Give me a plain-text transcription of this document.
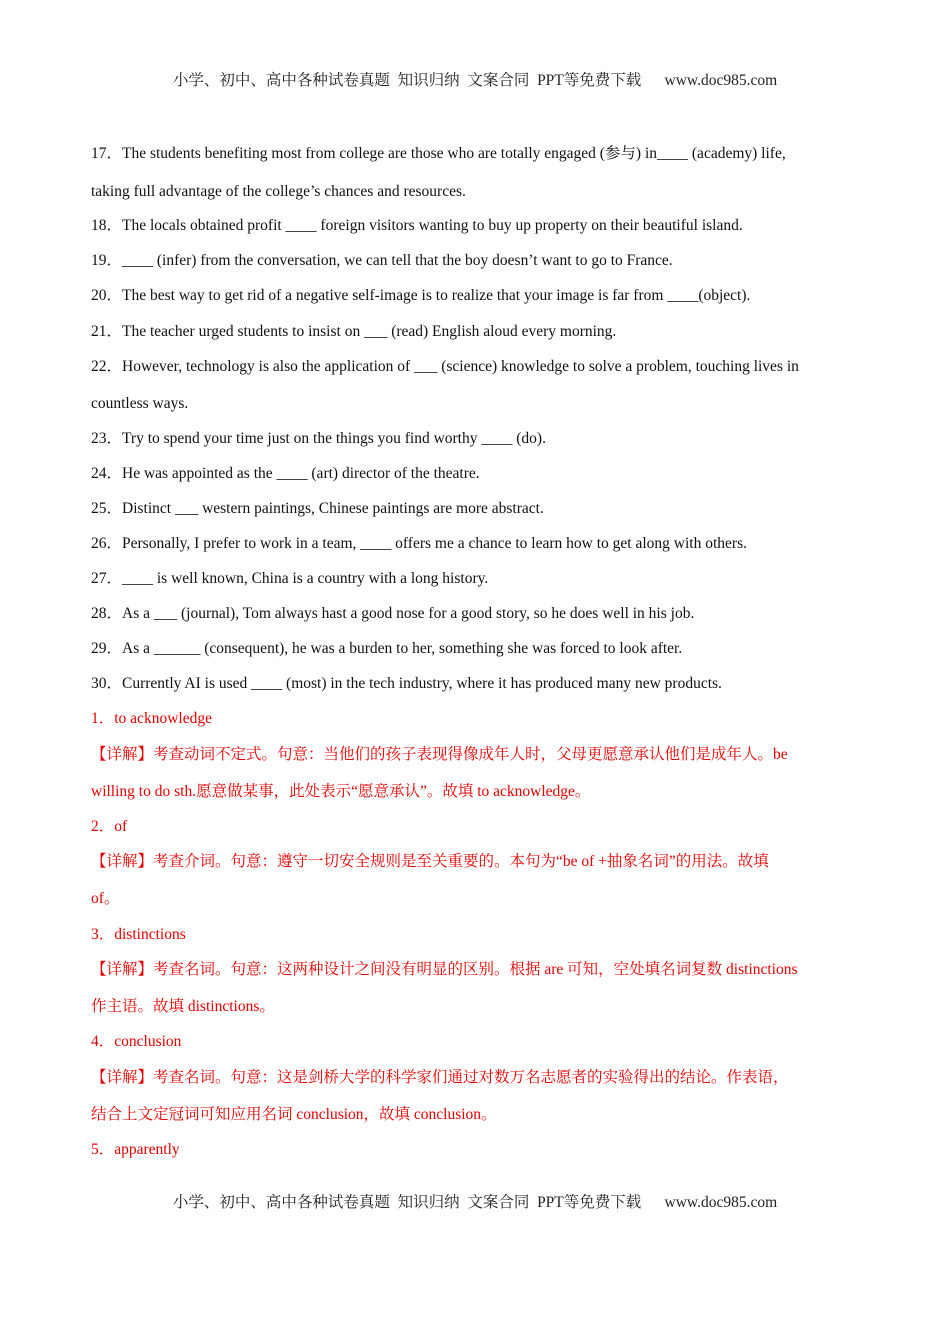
小学、初中、高中各种试卷真题  知识归纳  文案合同  PPT等免费下载      www.doc985.com

17．The students benefiting most from college are those who are totally engaged (参与) in____ (academy) life,

taking full advantage of the college’s chances and resources.

18．The locals obtained profit ____ foreign visitors wanting to buy up property on their beautiful island.

19．____ (infer) from the conversation, we can tell that the boy doesn’t want to go to France.

20．The best way to get rid of a negative self-image is to realize that your image is far from ____(object).

21．The teacher urged students to insist on ___ (read) English aloud every morning.

22．However, technology is also the application of ___ (science) knowledge to solve a problem, touching lives in

countless ways.

23．Try to spend your time just on the things you find worthy ____ (do).

24．He was appointed as the ____ (art) director of the theatre.

25．Distinct ___ western paintings, Chinese paintings are more abstract.

26．Personally, I prefer to work in a team, ____ offers me a chance to learn how to get along with others.

27．____ is well known, China is a country with a long history.

28．As a ___ (journal), Tom always hast a good nose for a good story, so he does well in his job.

29．As a ______ (consequent), he was a burden to her, something she was forced to look after.

30．Currently AI is used ____ (most) in the tech industry, where it has produced many new products.

1．to acknowledge

【详解】考查动词不定式。句意：当他们的孩子表现得像成年人时，父母更愿意承认他们是成年人。be

willing to do sth.愿意做某事，此处表示“愿意承认”。故填 to acknowledge。

2．of

【详解】考查介词。句意：遵守一切安全规则是至关重要的。本句为“be of +抽象名词”的用法。故填

of。

3．distinctions

【详解】考查名词。句意：这两种设计之间没有明显的区别。根据 are 可知，空处填名词复数 distinctions

作主语。故填 distinctions。

4．conclusion

【详解】考查名词。句意：这是剑桥大学的科学家们通过对数万名志愿者的实验得出的结论。作表语，

结合上文定冠词可知应用名词 conclusion，故填 conclusion。

5．apparently

小学、初中、高中各种试卷真题  知识归纳  文案合同  PPT等免费下载      www.doc985.com
